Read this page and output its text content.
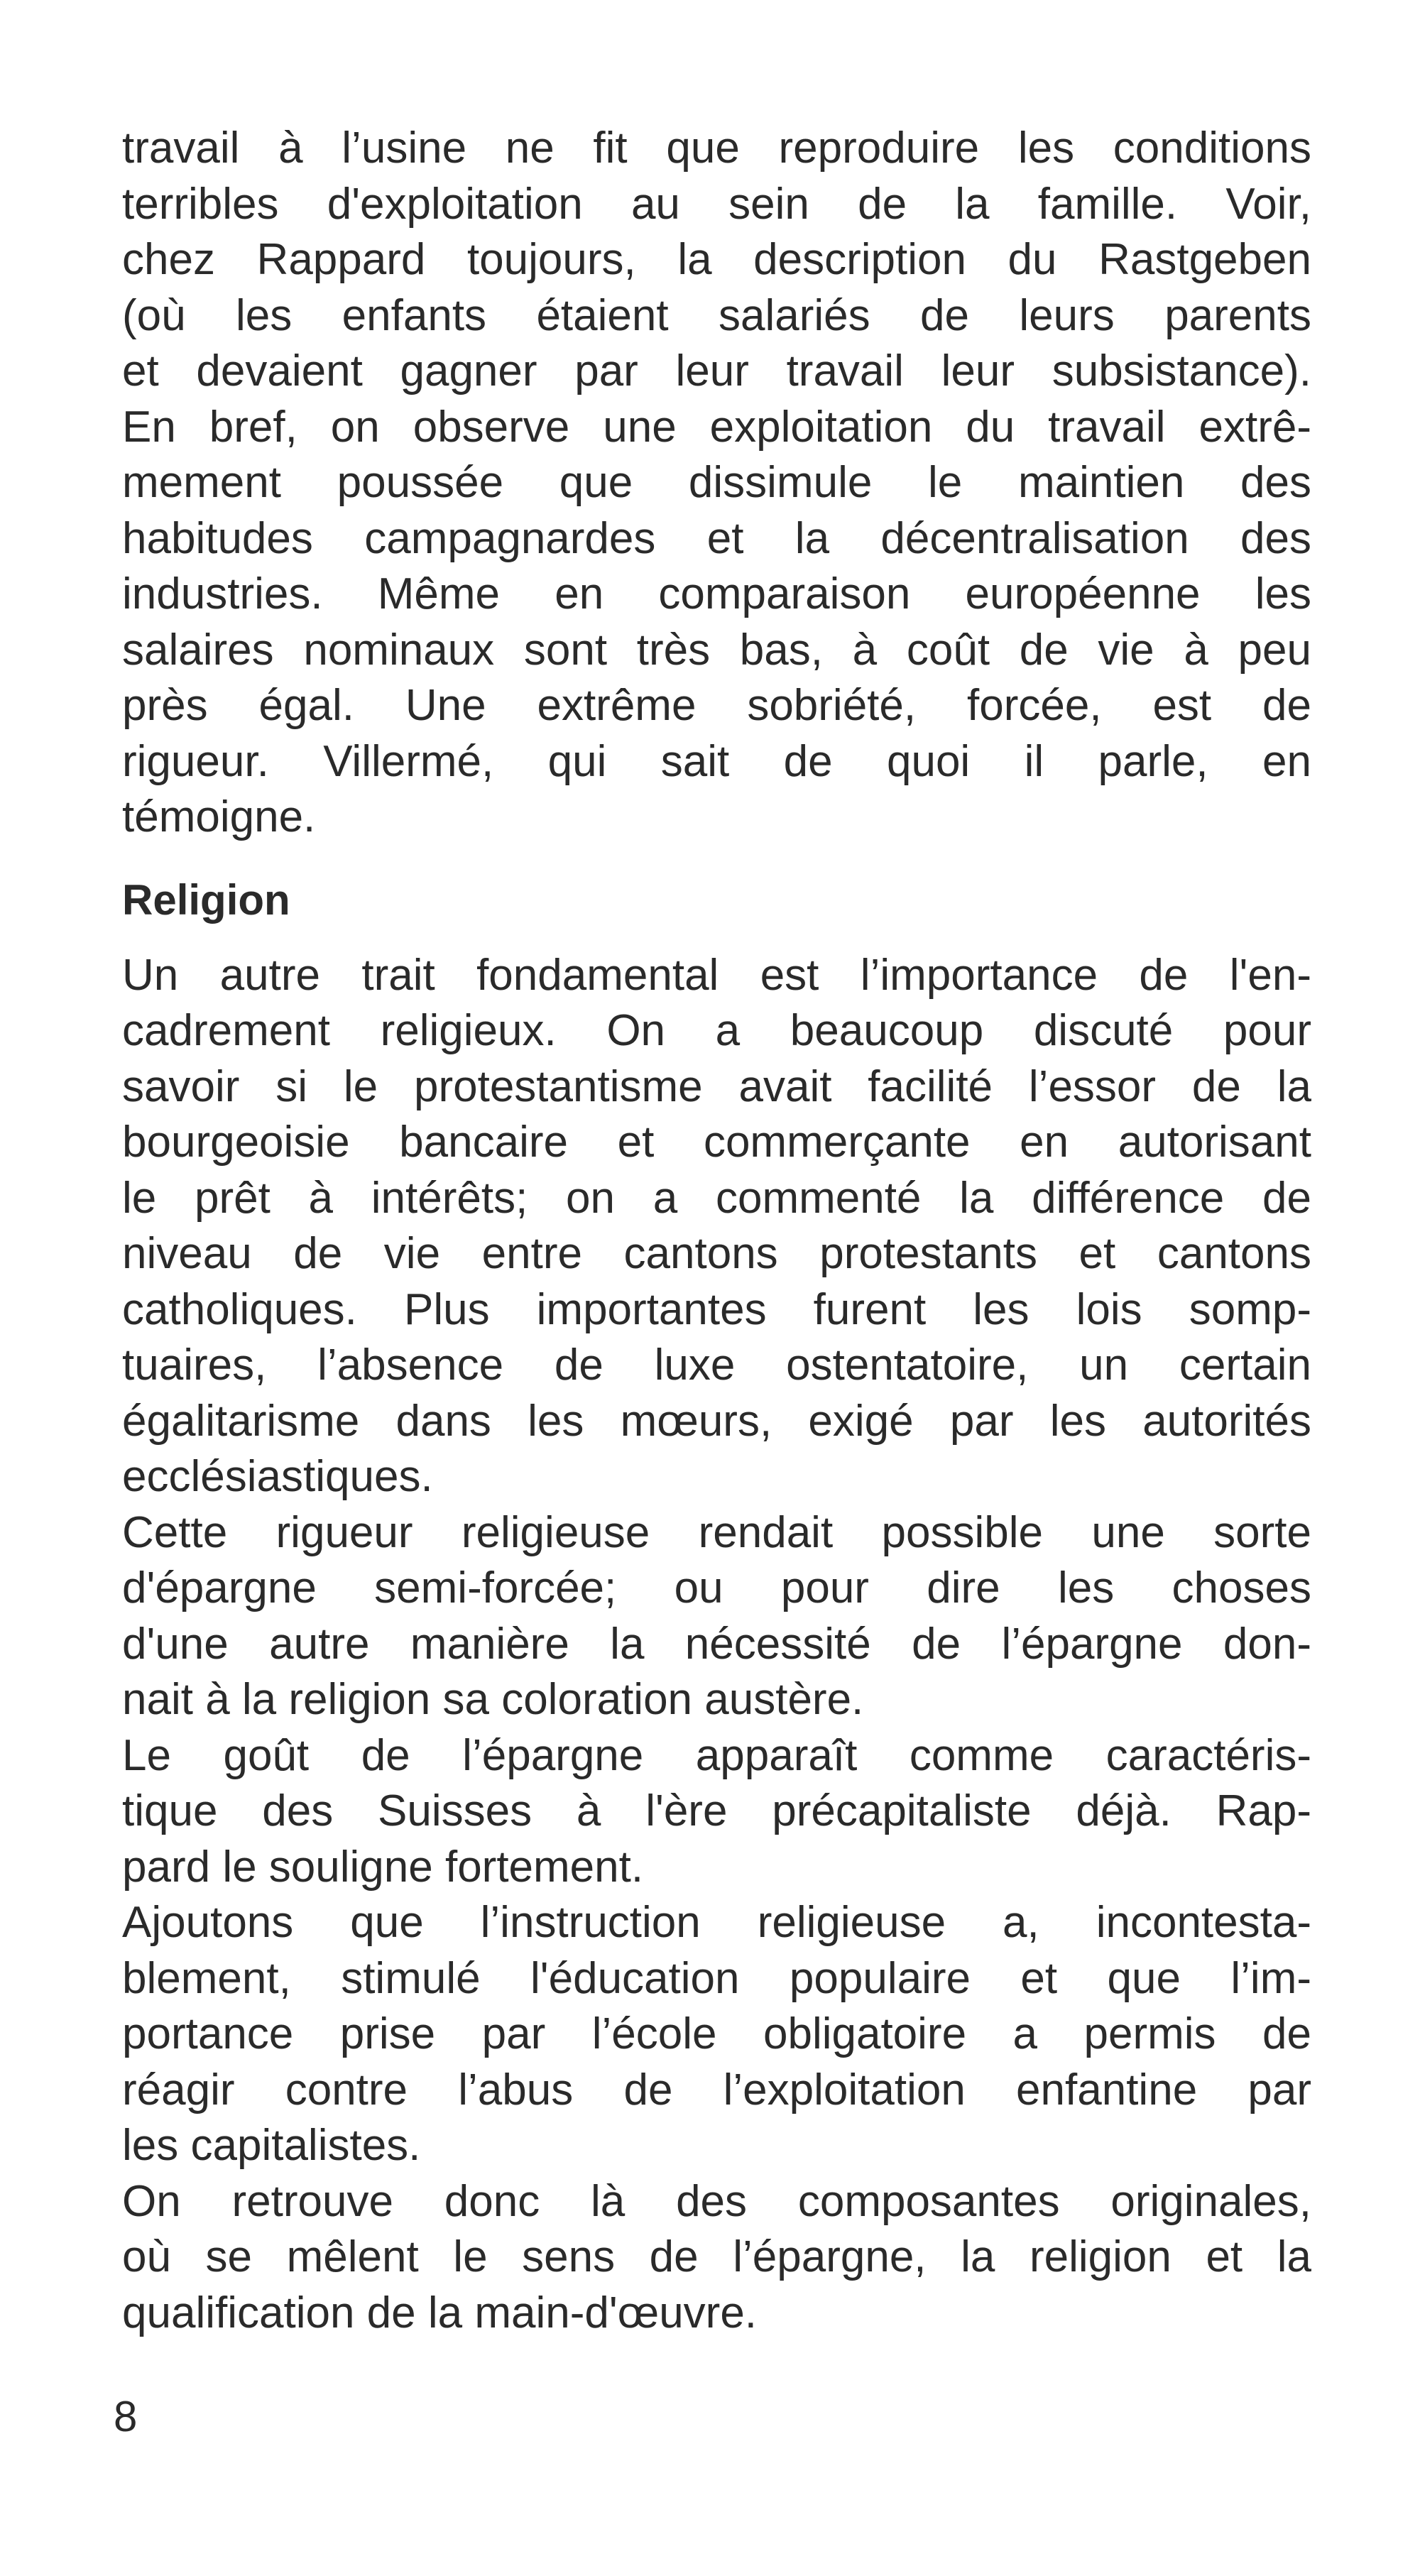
travail à l’usine ne fit que reproduire les conditions
terribles d'exploitation au sein de la famille. Voir,
chez Rappard toujours, la description du Rastgeben
(où les enfants étaient salariés de leurs parents
et devaient gagner par leur travail leur subsistance).
En bref, on observe une exploitation du travail extrê-
mement poussée que dissimule le maintien des
habitudes campagnardes et la décentralisation des
industries. Même en comparaison européenne les
salaires nominaux sont très bas, à coût de vie à peu
près égal. Une extrême sobriété, forcée, est de
rigueur. Villermé, qui sait de quoi il parle, en
témoigne.

Religion

Un autre trait fondamental est l’importance de l'en-
cadrement religieux. On a beaucoup discuté pour
savoir si le protestantisme avait facilité l’essor de la
bourgeoisie bancaire et commerçante en autorisant
le prêt à intérêts; on a commenté la différence de
niveau de vie entre cantons protestants et cantons
catholiques. Plus importantes furent les lois somp-
tuaires, l’absence de luxe ostentatoire, un certain
égalitarisme dans les mœurs, exigé par les autorités
ecclésiastiques.

Cette rigueur religieuse rendait possible une sorte
d'épargne semi-forcée; ou pour dire les choses
d'une autre manière la nécessité de l’épargne don-
nait à la religion sa coloration austère.

Le goût de l’épargne apparaît comme caractéris-
tique des Suisses à l'ère précapitaliste déjà. Rap-
pard le souligne fortement.

Ajoutons que l’instruction religieuse a, incontesta-
blement, stimulé l'éducation populaire et que l’im-
portance prise par l’école obligatoire a permis de
réagir contre l’abus de l’exploitation enfantine par
les capitalistes.

On retrouve donc là des composantes originales,
où se mêlent le sens de l’épargne, la religion et la
qualification de la main-d'œuvre.

8
